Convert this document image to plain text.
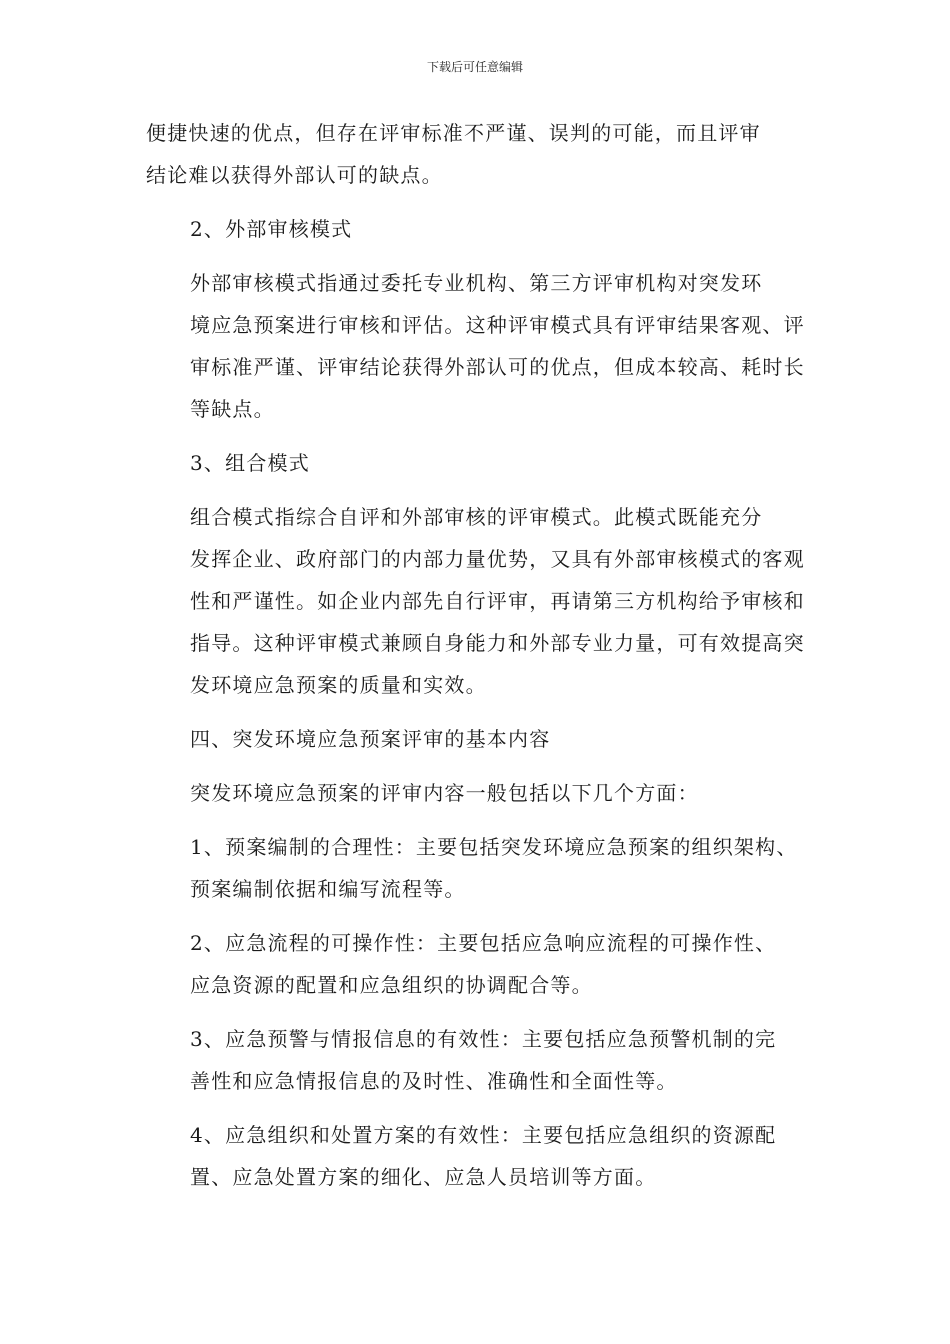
下载后可任意编辑

便捷快速的优点，但存在评审标准不严谨、误判的可能，而且评审
结论难以获得外部认可的缺点。

2、外部审核模式

外部审核模式指通过委托专业机构、第三方评审机构对突发环
境应急预案进行审核和评估。这种评审模式具有评审结果客观、评
审标准严谨、评审结论获得外部认可的优点，但成本较高、耗时长
等缺点。

3、组合模式

组合模式指综合自评和外部审核的评审模式。此模式既能充分
发挥企业、政府部门的内部力量优势，又具有外部审核模式的客观
性和严谨性。如企业内部先自行评审，再请第三方机构给予审核和
指导。这种评审模式兼顾自身能力和外部专业力量，可有效提高突
发环境应急预案的质量和实效。

四、突发环境应急预案评审的基本内容

突发环境应急预案的评审内容一般包括以下几个方面：

1、预案编制的合理性：主要包括突发环境应急预案的组织架构、
预案编制依据和编写流程等。

2、应急流程的可操作性：主要包括应急响应流程的可操作性、
应急资源的配置和应急组织的协调配合等。

3、应急预警与情报信息的有效性：主要包括应急预警机制的完
善性和应急情报信息的及时性、准确性和全面性等。

4、应急组织和处置方案的有效性：主要包括应急组织的资源配
置、应急处置方案的细化、应急人员培训等方面。
